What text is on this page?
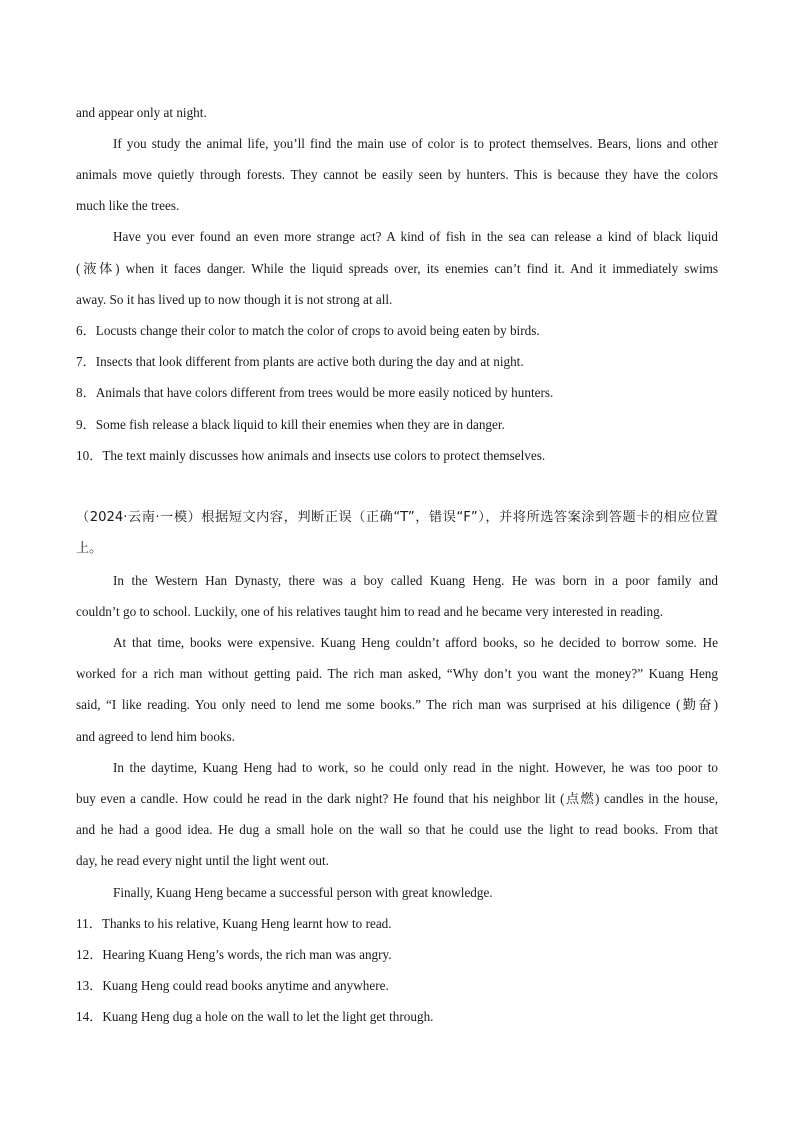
and appear only at night.
If you study the animal life, you’ll find the main use of color is to protect themselves. Bears, lions and other
animals move quietly through forests. They cannot be easily seen by hunters. This is because they have the colors
much like the trees.
Have you ever found an even more strange act? A kind of fish in the sea can release a kind of black liquid
(液体) when it faces danger. While the liquid spreads over, its enemies can’t find it. And it immediately swims
away. So it has lived up to now though it is not strong at all.
6．Locusts change their color to match the color of crops to avoid being eaten by birds.
7．Insects that look different from plants are active both during the day and at night.
8．Animals that have colors different from trees would be more easily noticed by hunters.
9．Some fish release a black liquid to kill their enemies when they are in danger.
10．The text mainly discusses how animals and insects use colors to protect themselves.
（2024·云南·一模）根据短文内容，判断正误（正确“T”，错误“F”），并将所选答案涂到答题卡的相应位置
上。
In the Western Han Dynasty, there was a boy called Kuang Heng. He was born in a poor family and
couldn’t go to school. Luckily, one of his relatives taught him to read and he became very interested in reading.
At that time, books were expensive. Kuang Heng couldn’t afford books, so he decided to borrow some. He
worked for a rich man without getting paid. The rich man asked, “Why don’t you want the money?” Kuang Heng
said, “I like reading. You only need to lend me some books.” The rich man was surprised at his diligence (勤奋)
and agreed to lend him books.
In the daytime, Kuang Heng had to work, so he could only read in the night. However, he was too poor to
buy even a candle. How could he read in the dark night? He found that his neighbor lit (点燃) candles in the house,
and he had a good idea. He dug a small hole on the wall so that he could use the light to read books. From that
day, he read every night until the light went out.
Finally, Kuang Heng became a successful person with great knowledge.
11．Thanks to his relative, Kuang Heng learnt how to read.
12．Hearing Kuang Heng’s words, the rich man was angry.
13．Kuang Heng could read books anytime and anywhere.
14．Kuang Heng dug a hole on the wall to let the light get through.
